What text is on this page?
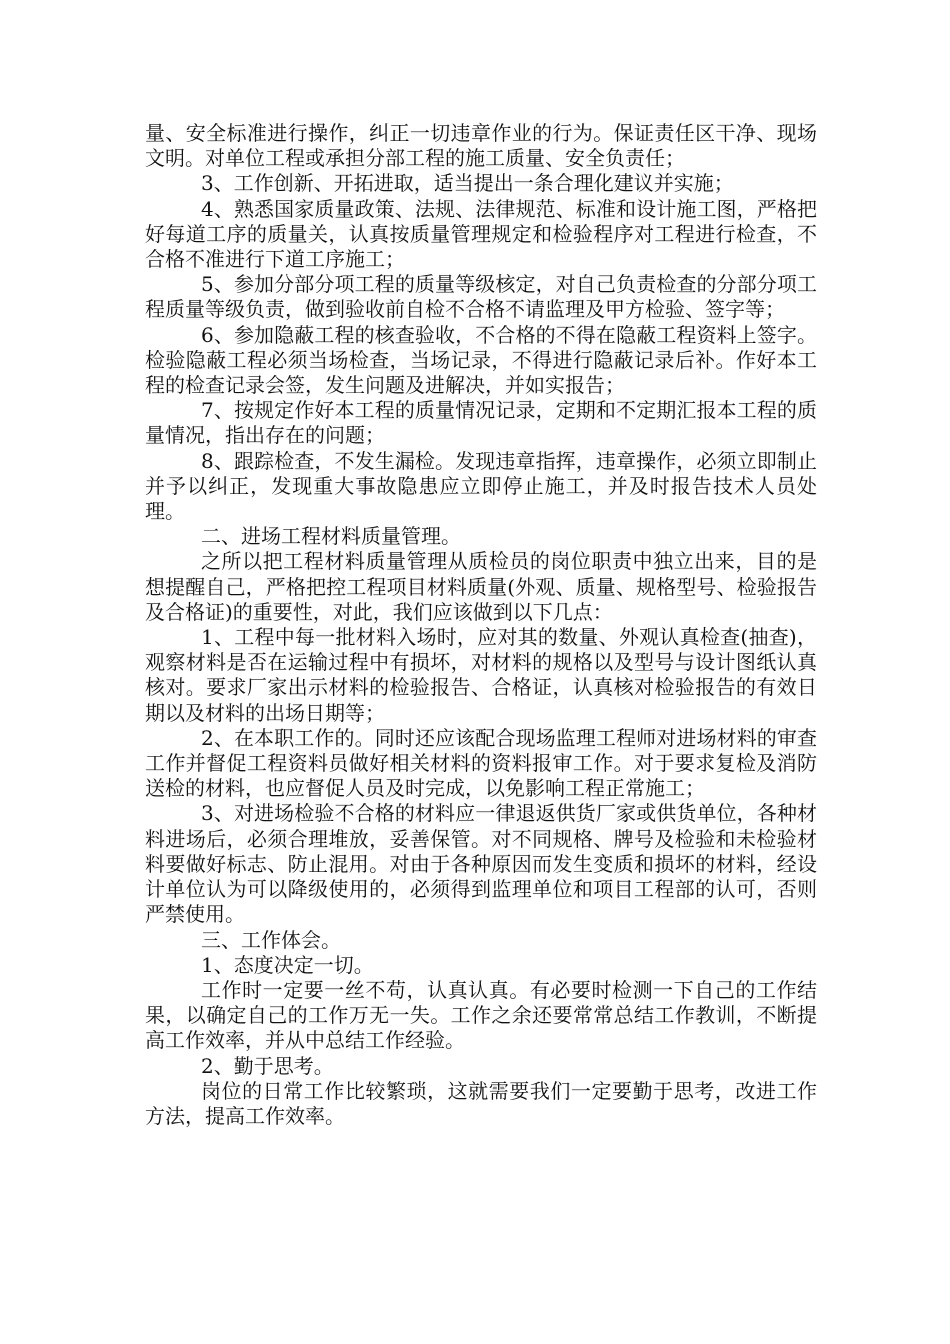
量、安全标准进行操作，纠正一切违章作业的行为。保证责任区干净、现场文明。对单位工程或承担分部工程的施工质量、安全负责任；

3、工作创新、开拓进取，适当提出一条合理化建议并实施；

4、熟悉国家质量政策、法规、法律规范、标准和设计施工图，严格把好每道工序的质量关，认真按质量管理规定和检验程序对工程进行检查，不合格不准进行下道工序施工；

5、参加分部分项工程的质量等级核定，对自己负责检查的分部分项工程质量等级负责，做到验收前自检不合格不请监理及甲方检验、签字等；

6、参加隐蔽工程的核查验收，不合格的不得在隐蔽工程资料上签字。检验隐蔽工程必须当场检查，当场记录，不得进行隐蔽记录后补。作好本工程的检查记录会签，发生问题及进解决，并如实报告；

7、按规定作好本工程的质量情况记录，定期和不定期汇报本工程的质量情况，指出存在的问题；

8、跟踪检查，不发生漏检。发现违章指挥，违章操作，必须立即制止并予以纠正，发现重大事故隐患应立即停止施工，并及时报告技术人员处理。

二、进场工程材料质量管理。

之所以把工程材料质量管理从质检员的岗位职责中独立出来，目的是想提醒自己，严格把控工程项目材料质量(外观、质量、规格型号、检验报告及合格证)的重要性，对此，我们应该做到以下几点：

1、工程中每一批材料入场时，应对其的数量、外观认真检查(抽查)，观察材料是否在运输过程中有损坏，对材料的规格以及型号与设计图纸认真核对。要求厂家出示材料的检验报告、合格证，认真核对检验报告的有效日期以及材料的出场日期等；

2、在本职工作的。同时还应该配合现场监理工程师对进场材料的审查工作并督促工程资料员做好相关材料的资料报审工作。对于要求复检及消防送检的材料，也应督促人员及时完成，以免影响工程正常施工；

3、对进场检验不合格的材料应一律退返供货厂家或供货单位，各种材料进场后，必须合理堆放，妥善保管。对不同规格、牌号及检验和未检验材料要做好标志、防止混用。对由于各种原因而发生变质和损坏的材料，经设计单位认为可以降级使用的，必须得到监理单位和项目工程部的认可，否则严禁使用。

三、工作体会。

1、态度决定一切。

工作时一定要一丝不苟，认真认真。有必要时检测一下自己的工作结果，以确定自己的工作万无一失。工作之余还要常常总结工作教训，不断提高工作效率，并从中总结工作经验。

2、勤于思考。

岗位的日常工作比较繁琐，这就需要我们一定要勤于思考，改进工作方法，提高工作效率。
